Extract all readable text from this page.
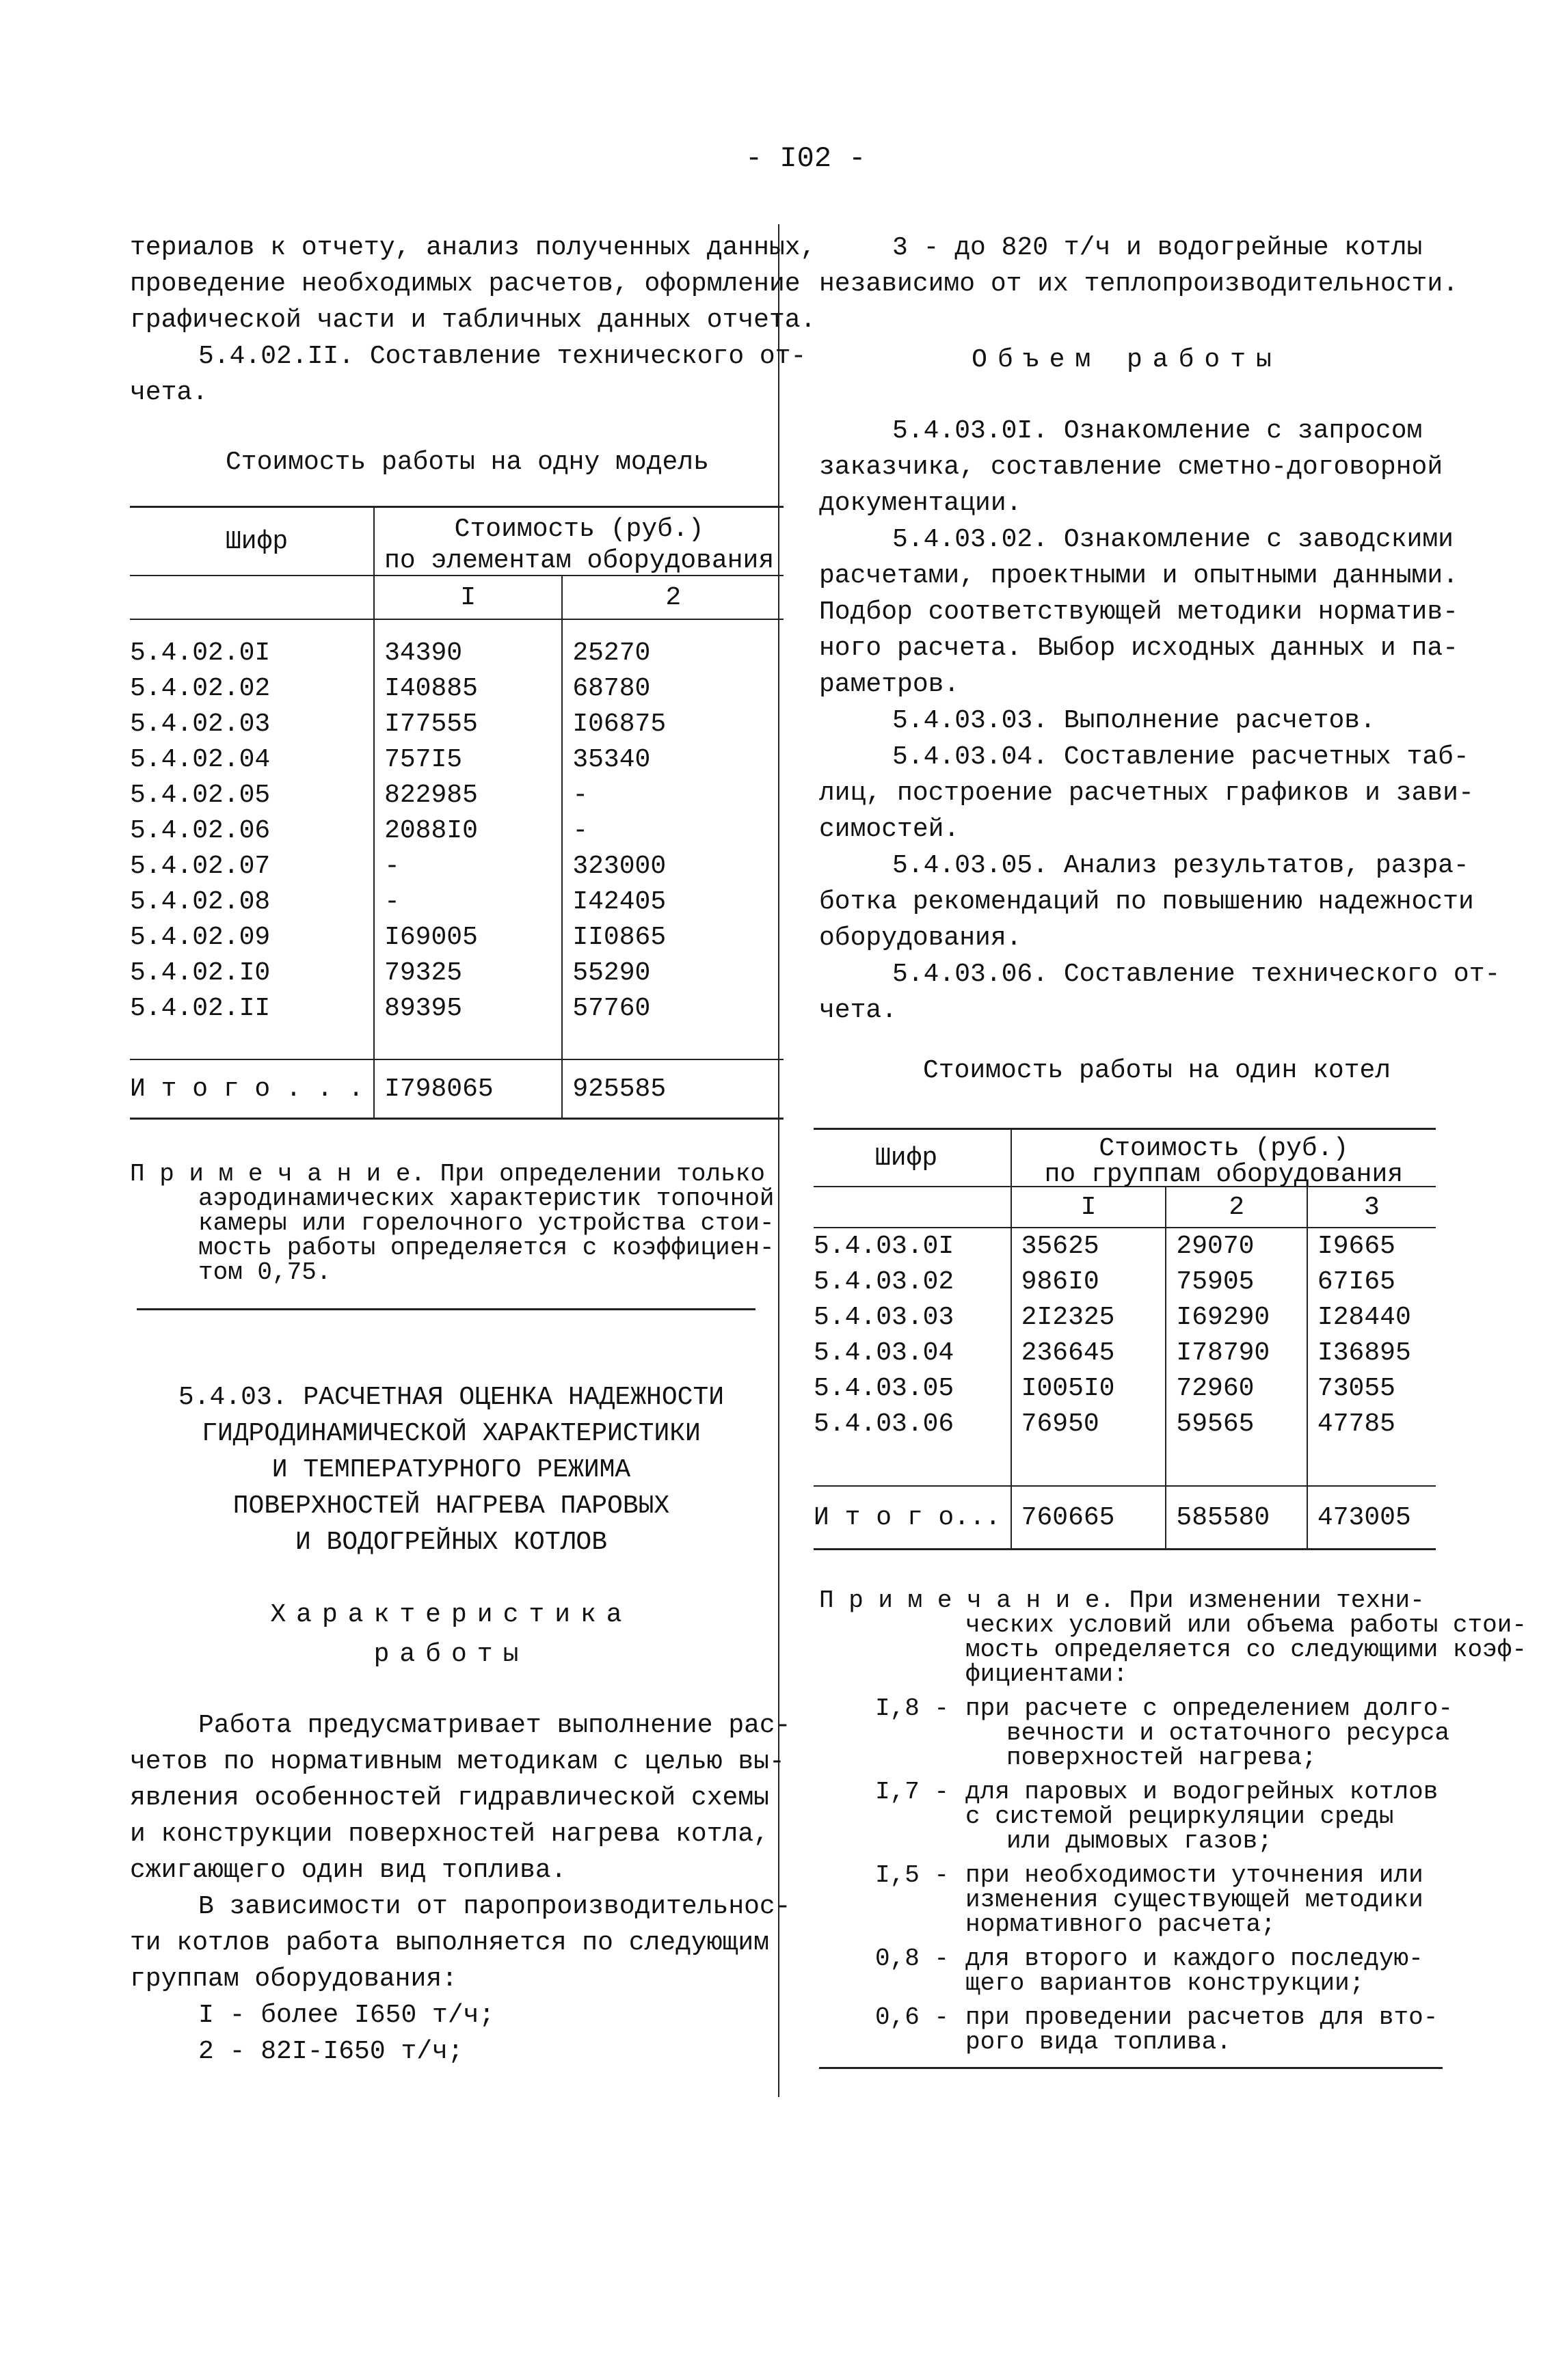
- I02 -
териалов к отчету, анализ полученных данных,
проведение необходимых расчетов, оформление
графической части и табличных данных отчета.
5.4.02.II. Составление технического от-
чета.
Стоимость работы на одну модель
Шифр	Стоимость (руб.)	

	по элементам оборудования	
	I	2

5.4.02.0I	34390	25270
5.4.02.02	I40885	68780
5.4.02.03	I77555	I06875
5.4.02.04	757I5	35340
5.4.02.05	822985	-
5.4.02.06	2088I0	-
5.4.02.07	-	323000
5.4.02.08	-	I42405
5.4.02.09	I69005	II0865
5.4.02.I0	79325	55290
5.4.02.II	89395	57760

И т о г о . . .	I798065	925585
П р и м е ч а н и е. При определении только
аэродинамических характеристик топочной
камеры или горелочного устройства стои-
мость работы определяется с коэффициен-
том 0,75.
5.4.03. РАСЧЕТНАЯ ОЦЕНКА НАДЕЖНОСТИ
ГИДРОДИНАМИЧЕСКОЙ ХАРАКТЕРИСТИКИ
И ТЕМПЕРАТУРНОГО РЕЖИМА
ПОВЕРХНОСТЕЙ НАГРЕВА ПАРОВЫХ
И ВОДОГРЕЙНЫХ КОТЛОВ
Характеристика
работы
Работа предусматривает выполнение рас-
четов по нормативным методикам с целью вы-
явления особенностей гидравлической схемы
и конструкции поверхностей нагрева котла,
сжигающего один вид топлива.
В зависимости от паропроизводительнос-
ти котлов работа выполняется по следующим
группам оборудования:
I - более I650 т/ч;
2 - 82I-I650 т/ч;
3 - до 820 т/ч и водогрейные котлы
независимо от их теплопроизводительности.
Объем работы
5.4.03.0I. Ознакомление с запросом
заказчика, составление сметно-договорной
документации.
5.4.03.02. Ознакомление с заводскими
расчетами, проектными и опытными данными.
Подбор соответствующей методики норматив-
ного расчета. Выбор исходных данных и па-
раметров.
5.4.03.03. Выполнение расчетов.
5.4.03.04. Составление расчетных таб-
лиц, построение расчетных графиков и зави-
симостей.
5.4.03.05. Анализ результатов, разра-
ботка рекомендаций по повышению надежности
оборудования.
5.4.03.06. Составление технического от-
чета.
Стоимость работы на один котел
Шифр	Стоимость (руб.)		
	по группам оборудования		
	I	2	3
5.4.03.0I	35625	29070	I9665
5.4.03.02	986I0	75905	67I65
5.4.03.03	2I2325	I69290	I28440
5.4.03.04	236645	I78790	I36895
5.4.03.05	I005I0	72960	73055
5.4.03.06	76950	59565	47785

И т о г о...	760665	585580	473005
П р и м е ч а н и е. При изменении техни-
ческих условий или объема работы стои-
мость определяется со следующими коэф-
фициентами:
I,8 - при расчете с определением долго-
вечности и остаточного ресурса
поверхностей нагрева;
I,7 - для паровых и водогрейных котлов
с системой рециркуляции среды
или дымовых газов;
I,5 - при необходимости уточнения или
изменения существующей методики
нормативного расчета;
0,8 - для второго и каждого последую-
щего вариантов конструкции;
0,6 - при проведении расчетов для вто-
рого вида топлива.
